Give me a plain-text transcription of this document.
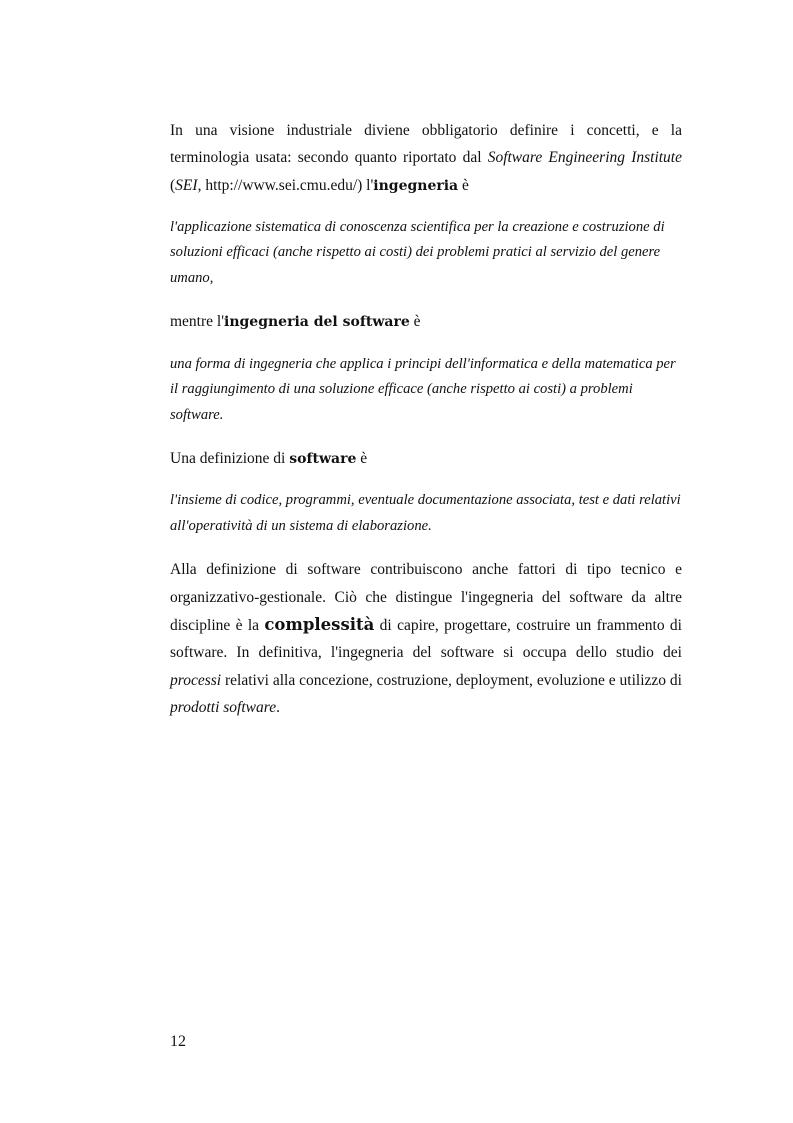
In una visione industriale diviene obbligatorio definire i concetti, e la terminologia usata: secondo quanto riportato dal Software Engineering Institute (SEI, http://www.sei.cmu.edu/) l'ingegneria è

l'applicazione sistematica di conoscenza scientifica per la creazione e costruzione di soluzioni efficaci (anche rispetto ai costi) dei problemi pratici al servizio del genere umano,

mentre l'ingegneria del software è

una forma di ingegneria che applica i principi dell'informatica e della matematica per il raggiungimento di una soluzione efficace (anche rispetto ai costi) a problemi software.

Una definizione di software è

l'insieme di codice, programmi, eventuale documentazione associata, test e dati relativi all'operatività di un sistema di elaborazione.

Alla definizione di software contribuiscono anche fattori di tipo tecnico e organizzativo-gestionale. Ciò che distingue l'ingegneria del software da altre discipline è la complessità di capire, progettare, costruire un frammento di software. In definitiva, l'ingegneria del software si occupa dello studio dei processi relativi alla concezione, costruzione, deployment, evoluzione e utilizzo di prodotti software.

12
